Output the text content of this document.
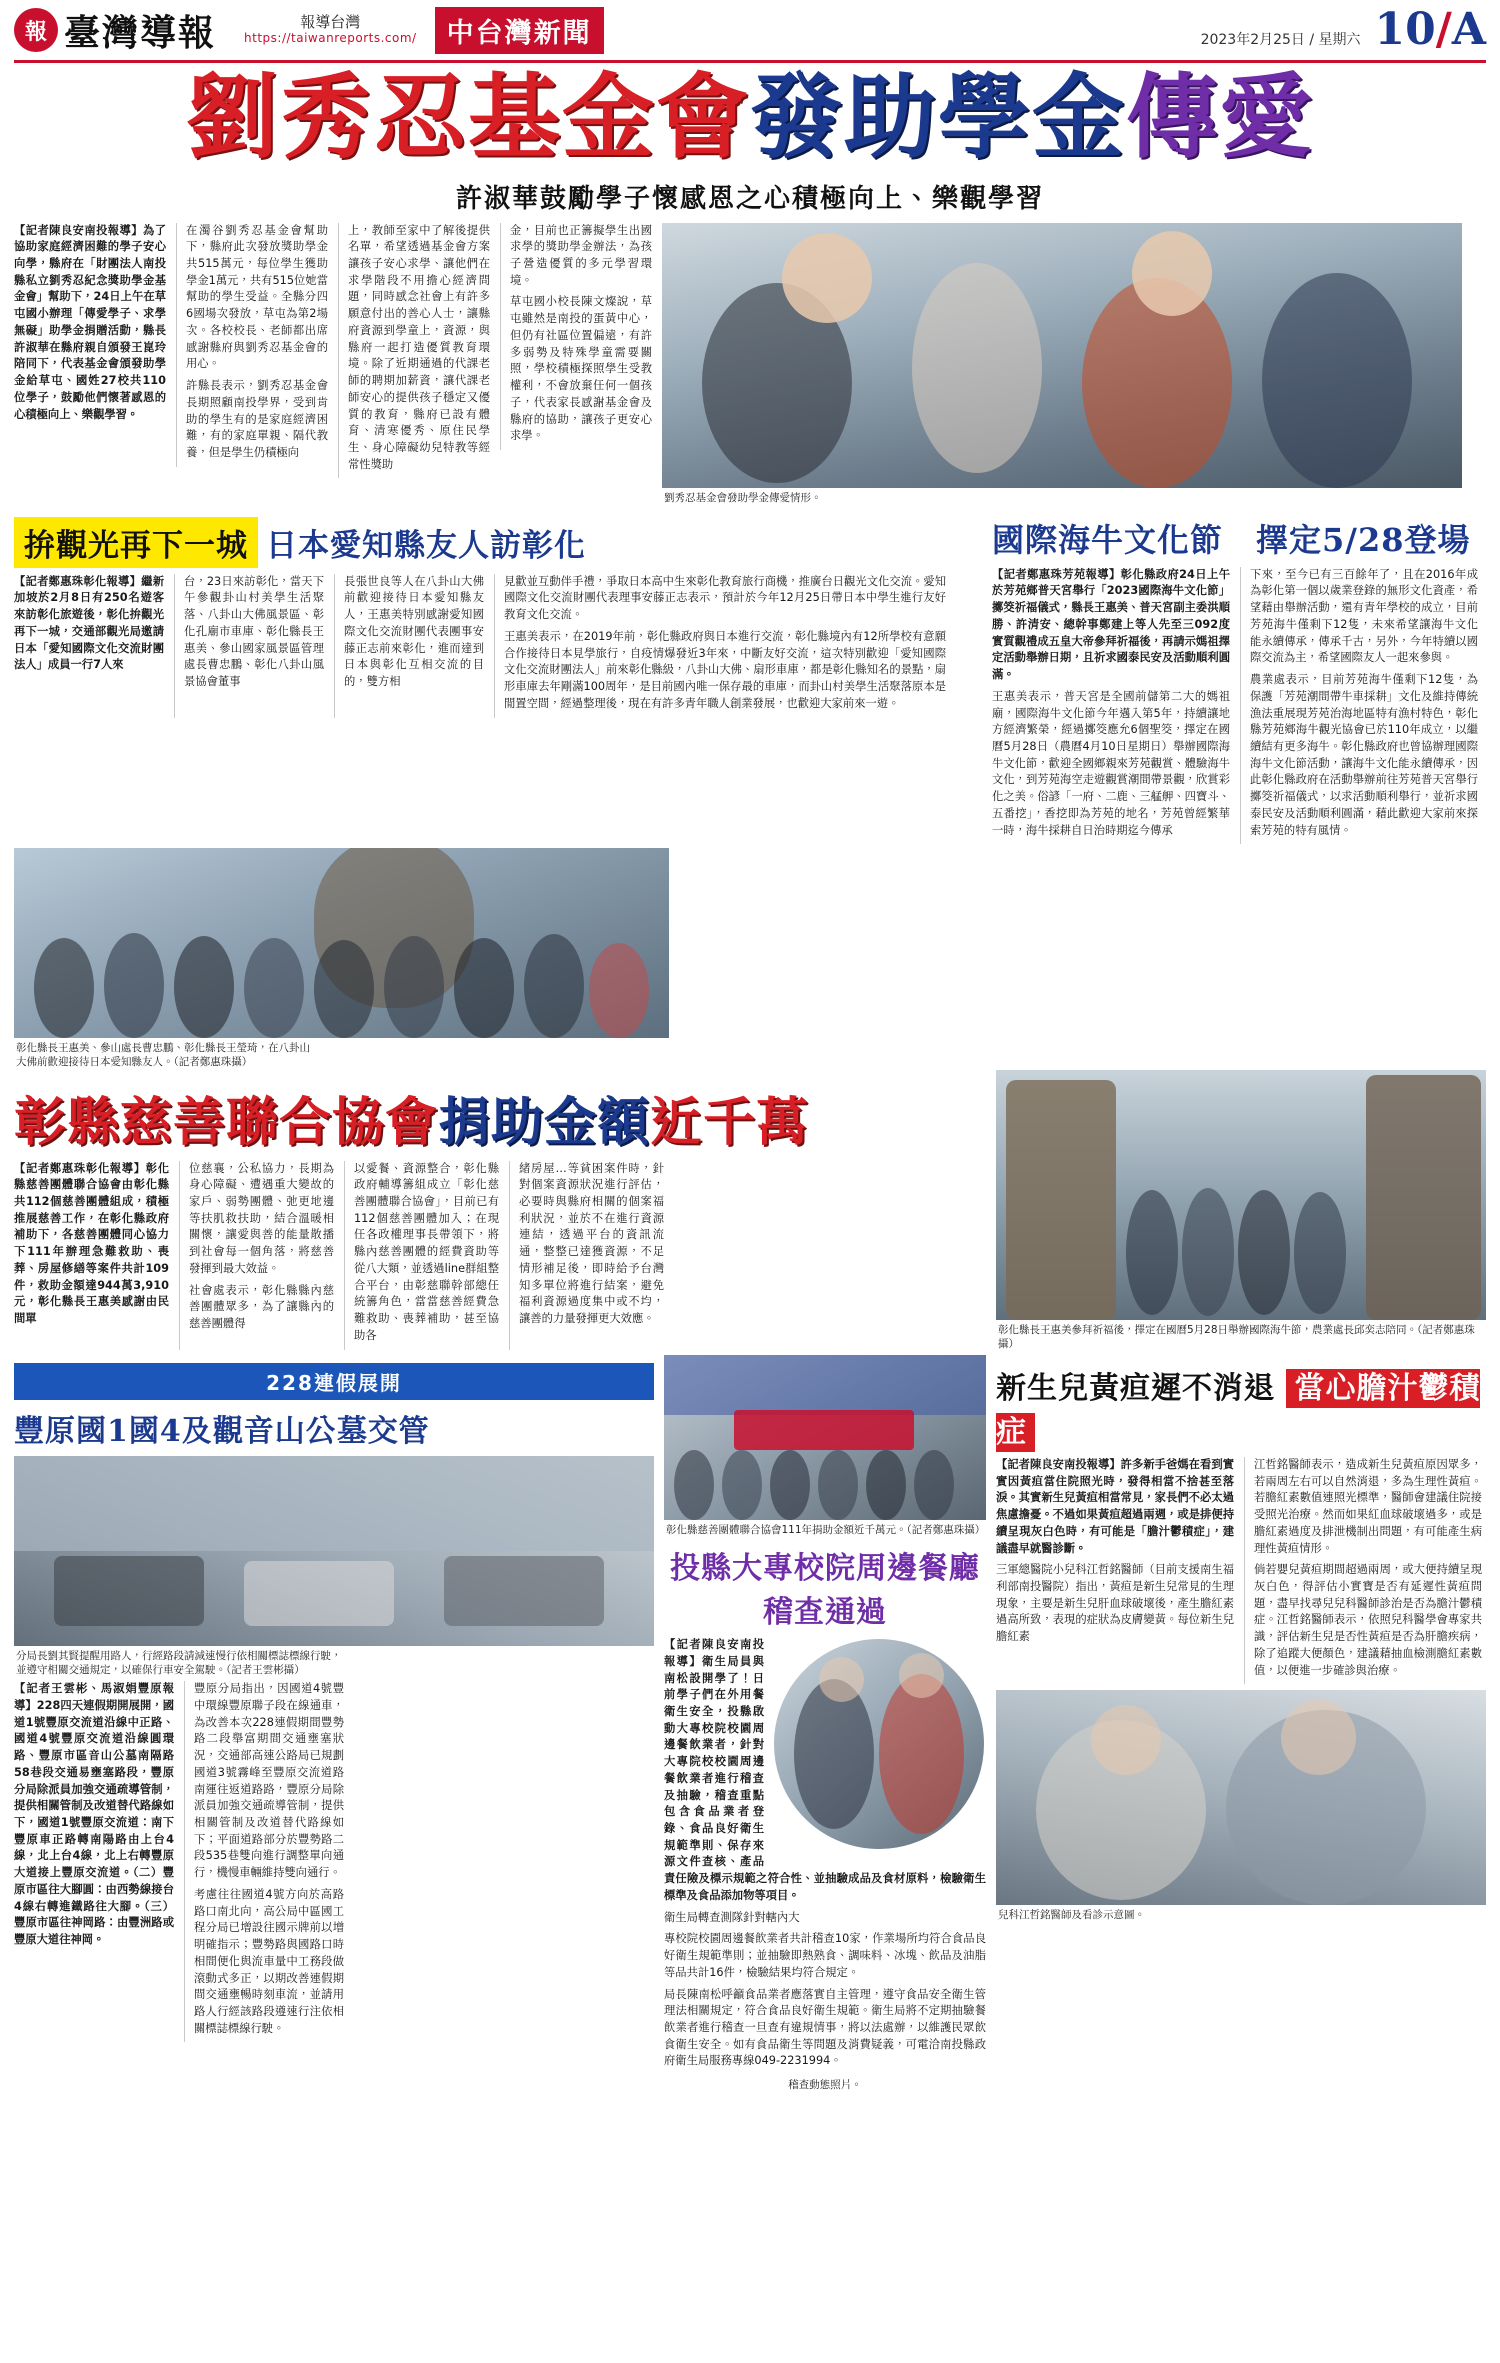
報 臺灣導報	報導台灣
https://taiwanreports.com/	中台灣新聞	2023年2月25日 / 星期六 10/A
劉秀忍基金會發助學金傳愛
許淑華鼓勵學子懷感恩之心積極向上、樂觀學習

【記者陳良安南投報導】為了協助家庭經濟困難的學子安心向學，縣府在「財團法人南投縣私立劉秀忍紀念獎助學金基金會」幫助下，24日上午在草屯國小辦理「傳愛學子、求學無礙」助學金捐贈活動，縣長許淑華在縣府親自頒發王崑玲陪同下，代表基金會頒發助學金給草屯、國姓27校共110位學子，鼓勵他們懷著感恩的心積極向上、樂觀學習。

在濁谷劉秀忍基金會幫助下，縣府此次發放獎助學金共515萬元，每位學生獲助學金1萬元，共有515位她當幫助的學生受益。全縣分四6國場次發放，草屯為第2場次。各校校長、老師都出席感謝縣府與劉秀忍基金會的用心。

許縣長表示，劉秀忍基金會長期照顧南投學界，受到肯助的學生有的是家庭經濟困難，有的家庭單親、隔代教養，但是學生仍積極向

上，教師至家中了解後提供名單，希望透過基金會方案讓孩子安心求學、讓他們在求學階段不用擔心經濟問題，同時感念社會上有許多願意付出的善心人士，讓縣府資源到學童上，資源，與縣府一起打造優質教育環境。除了近期通過的代課老師的聘期加薪資，讓代課老師安心的提供孩子穩定又優質的教育，縣府已設有體育、清寒優秀、原住民學生、身心障礙幼兒特教等經常性獎助

金，目前也正籌擬學生出國求學的獎助學金辦法，為孩子營造優質的多元學習環境。

草屯國小校長陳文燦說，草屯雖然是南投的蛋黃中心，但仍有社區位置偏遠，有許多弱勢及特殊學童需要關照，學校積極探照學生受教權利，不會放棄任何一個孩子，代表家長感謝基金會及縣府的協助，讓孩子更安心求學。

劉秀忍基金會發助學金傳愛情形。
拚觀光再下一城 日本愛知縣友人訪彰化

【記者鄭惠珠彰化報導】繼新加坡於2月8日有250名遊客來訪彰化旅遊後，彰化拚觀光再下一城，交通部觀光局邀請日本「愛知國際文化交流財團法人」成員一行7人來

台，23日來訪彰化，當天下午參觀卦山村美學生活聚落、八卦山大佛風景區、彰化孔廟市車庫、彰化縣長王惠美、參山國家風景區管理處長曹忠鵬、彰化八卦山風景協會董事

長張世良等人在八卦山大佛前歡迎接待日本愛知縣友人，王惠美特別感謝愛知國際文化交流財團代表團事安藤正志前來彰化，進而達到日本與彰化互相交流的目的，雙方相

見歡並互動伴手禮，爭取日本高中生來彰化教育旅行商機，推廣台日觀光文化交流。愛知國際文化交流財團代表理事安藤正志表示，預計於今年12月25日帶日本中學生進行友好教育文化交流。

王惠美表示，在2019年前，彰化縣政府與日本進行交流，彰化縣境內有12所學校有意願合作接待日本見學旅行，自疫情爆發近3年來，中斷友好交流，這次特別歡迎「愛知國際文化交流財團法人」前來彰化縣級，八卦山大佛、扇形車庫，都是彰化縣知名的景點，扇形車庫去年剛滿100周年，是目前國內唯一保存最的車庫，而卦山村美學生活聚落原本是閒置空間，經過整理後，現在有許多青年職人創業發展，也歡迎大家前來一遊。

國際海牛文化節　擇定5/28登場

【記者鄭惠珠芳苑報導】彰化縣政府24日上午於芳苑鄉普天宮舉行「2023國際海牛文化節」擲筊祈福儀式，縣長王惠美、普天宮副主委洪順勝、許清安、總幹事鄭建上等人先至三092度實質觀禮成五皇大帝參拜祈福後，再請示媽祖擇定活動舉辦日期，且祈求國泰民安及活動順利圓滿。

王惠美表示，普天宮是全國前儲第二大的媽祖廟，國際海牛文化節今年邁入第5年，持續讓地方經濟繁榮，經過擲筊應允6個聖筊，擇定在國曆5月28日（農曆4月10日星期日）舉辦國際海牛文化節，歡迎全國鄉親來芳苑觀賞、體驗海牛文化，到芳苑海空走遊觀賞潮間帶景觀，欣賞彩化之美。俗諺「一府、二鹿、三艋舺、四寶斗、五番挖」，香挖即為芳苑的地名，芳苑曾經繁華一時，海牛採耕自日治時期迄今傳承

下來，至今已有三百餘年了，且在2016年成為彰化第一個以歲業登錄的無形文化資產，希望藉由舉辦活動，還有青年學校的成立，目前芳苑海牛僅剩下12隻，未來希望讓海牛文化能永續傳承，傳承千古，另外，今年特續以國際交流為主，希望國際友人一起來參與。

農業處表示，目前芳苑海牛僅剩下12隻，為保護「芳苑潮間帶牛車採耕」文化及維持傳統漁法重展現芳苑治海地區特有漁村特色，彰化縣芳苑鄉海牛觀光協會已於110年成立，以繼續結有更多海牛。彰化縣政府也曾協辦理國際海牛文化節活動，讓海牛文化能永續傳承，因此彰化縣政府在活動舉辦前往芳苑普天宮舉行擲筊祈福儀式，以求活動順利舉行，並祈求國泰民安及活動順利圓滿，藉此歡迎大家前來探索芳苑的特有風情。

彰化縣長王惠美、參山處長曹忠鵬、彰化縣長王瑩琦，在八卦山大佛前歡迎接待日本愛知縣友人。（記者鄭惠珠攝）
彰縣慈善聯合協會捐助金額近千萬

【記者鄭惠珠彰化報導】彰化縣慈善團體聯合協會由彰化縣共112個慈善團體組成，積極推展慈善工作，在彰化縣政府補助下，各慈善團體同心協力下111年辦理急難救助、喪葬、房屋修繕等案件共計109件，救助金額達944萬3,910元，彰化縣長王惠美感謝由民間單

位慈襄，公私協力，長期為身心障礙、遭遇重大變故的家戶、弱勢團體、弛更地邊等扶肌救扶助，結合溫暖相關懷，讓愛與善的能量散播到社會每一個角落，將慈善發揮到最大效益。

社會處表示，彰化縣縣內慈善團體眾多，為了讓縣內的慈善團體得

以愛餐、資源整合，彰化縣政府輔導籌組成立「彰化慈善團體聯合協會」，目前已有112個慈善團體加入；在現任各政權理事長帶領下，將縣內慈善團體的經費資助等從八大類，並透過line群組整合平台，由彰慈聯幹部總任統籌角色，當當慈善經費急難救助、喪葬補助，甚至協助各

緒房屋…等貧困案件時，針對個案資源狀況進行評估，必要時與縣府相關的個案福利狀況，並於不在進行資源連結，透過平台的資訊流通，整整已達獲資源，不足情形補足後，即時給予台灣知多單位將進行結案，避免福利資源過度集中或不均，讓善的力量發揮更大效應。

彰化縣長王惠美參拜祈福後，擇定在國曆5月28日舉辦國際海牛節，農業處長邱奕志陪同。（記者鄭惠珠攝）
228連假展開
豐原國1國4及觀音山公墓交管
分局長劉其賢提醒用路人，行經路段請減速慢行依相關標誌標線行駛，並遵守相關交通規定，以確保行車安全駕駛。（記者王雲彬攝）

【記者王雲彬、馬淑娟豐原報導】228四天連假期開展開，國道1號豐原交流道沿線中正路、國道4號豐原交流道沿線圓環路、豐原市區音山公墓南隔路58巷段交通易壅塞路段，豐原分局除派員加強交通疏導管制，提供相關管制及改道替代路線如下，國道1號豐原交流道：南下豐原車正路轉南陽路由上台4線，北上台4線，北上右轉豐原大道接上豐原交流道。（二）豐原市區往大腳圓：由西勢線接台4線右轉進鐵路往大腳。（三）豐原市區往神岡路：由豐洲路或豐原大道往神岡。

豐原分局指出，因國道4號豐中環線豐原聯子段在線通車，為改善本次228連假期間豐勢路二段舉富期間交通壅塞狀況，交通部高速公路局已規劃國道3號霧峰至豐原交流道路南運往返道路路，豐原分局除派員加強交通疏導管制，提供相關管制及改道替代路線如下；平面道路部分於豐勢路二段535巷雙向進行調整單向通行，機慢車輛維持雙向通行。

考慮往往國道4號方向於高路路口南北向，高公局中區國工程分局已增設往國示牌前以增明確指示；豐勢路與國路口時相間便化與流車量中工務段做滾動式多正，以期改善連假期間交通壅暢時刻車流，並請用路人行經該路段遵速行注依相關標誌標線行駛。

彰化縣慈善團體聯合協會111年捐助金額近千萬元。（記者鄭惠珠攝）
投縣大專校院周邊餐廳稽查通過

【記者陳良安南投報導】衛生局員與南松設開學了！日前學子們在外用餐衛生安全，投縣啟動大專校院校園周邊餐飲業者，針對大專院校校園周邊餐飲業者進行稽查及抽驗，稽查重點包含食品業者登錄、食品良好衛生規範準則、保存來源文件查核、產品責任險及標示規範之符合性、並抽驗成品及食材原料，檢驗衛生標準及食品添加物等項目。

衛生局轉查測隊針對轄內大

專校院校園周邊餐飲業者共計稽查10家，作業場所均符合食品良好衛生規範準則；並抽驗即熱熟食、調味料、冰塊、飲品及油脂等品共計16件，檢驗結果均符合規定。

局長陳南松呼籲食品業者應落實自主管理，遵守食品安全衛生管理法相關規定，符合食品良好衛生規範。衛生局將不定期抽驗餐飲業者進行稽查一旦查有違規情事，將以法處辦，以維護民眾飲食衛生安全。如有食品衛生等問題及消費疑義，可電洽南投縣政府衛生局服務專線049-2231994。

稽查動態照片。
新生兒黃疸遲不消退 當心膽汁鬱積症

【記者陳良安南投報導】許多新手爸媽在看到實實因黃疸當住院照光時，發得相當不捨甚至落淚。其實新生兒黃疸相當常見，家長們不必太過焦慮擔憂。不過如果黃疸超過兩週，或是排便持續呈現灰白色時，有可能是「膽汁鬱積症」，建議盡早就醫診斷。

三軍總醫院小兒科江哲銘醫師（目前支援南生福利部南投醫院）指出，黃疸是新生兒常見的生理現象，主要是新生兒肝血球破壞後，產生膽紅素過高所致，表現的症狀為皮膚變黃。每位新生兒膽紅素

江哲銘醫師表示，造成新生兒黃疸原因眾多，若兩周左右可以自然消退，多為生理性黃疸。若膽紅素數值連照光標準，醫師會建議住院接受照光治療。然而如果紅血球破壞過多，或是膽紅素過度及排泄機制出問題，有可能產生病理性黃疸情形。

倘若嬰兒黃疸期間超過兩周，或大便持續呈現灰白色，得評估小實寶是否有延遲性黃疸問題，盡早找尋兒兒科醫師診治是否為膽汁鬱積症。江哲銘醫師表示，依照兒科醫學會專家共識，評估新生兒是否性黃疸是否為肝膽疾病，除了追蹤大便顏色，建議藉抽血檢測膽紅素數值，以便進一步確診與治療。

兒科江哲銘醫師及看診示意圖。
